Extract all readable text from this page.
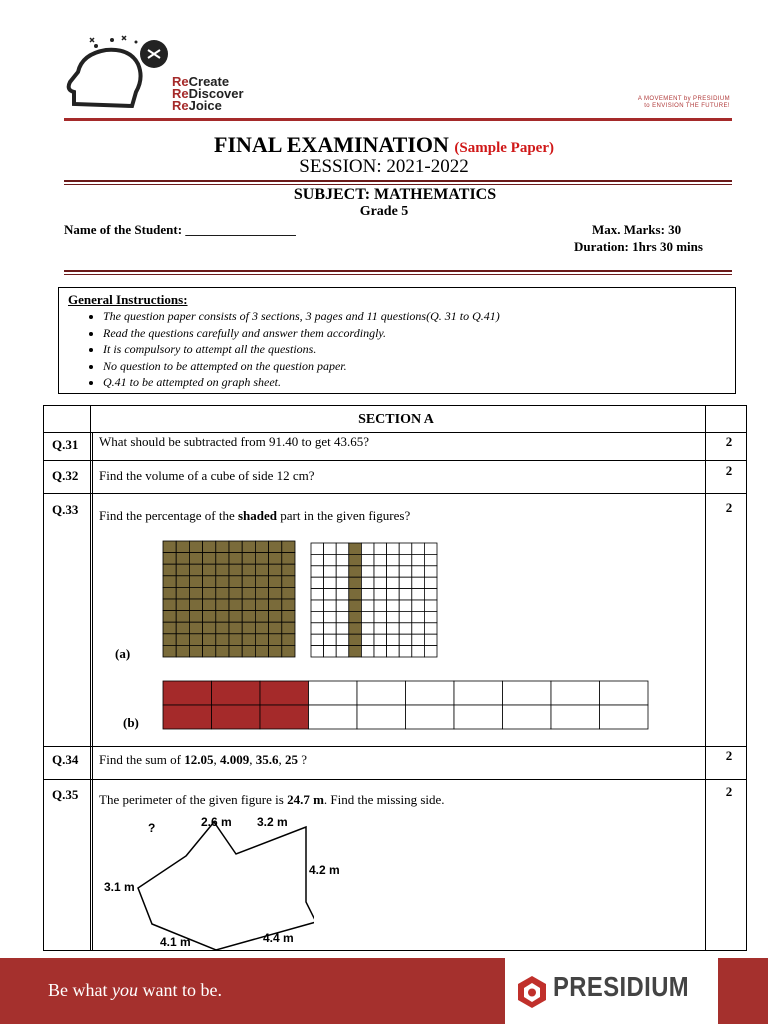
ReCreate
ReDiscover
ReJoice	A MOVEMENT by PRESIDIUM
to ENVISION THE FUTURE!
FINAL EXAMINATION (Sample Paper)
SESSION: 2021-2022
SUBJECT: MATHEMATICS
Grade 5
Name of the Student: _________________	Max. Marks: 30
Duration: 1hrs 30 mins
General Instructions:
• The question paper consists of 3 sections, 3 pages and 11 questions(Q. 31 to Q.41)
• Read the questions carefully and answer them accordingly.
• It is compulsory to attempt all the questions.
• No question to be attempted on the question paper.
• Q.41 to be attempted on graph sheet.
SECTION A
Q.31 What should be subtracted from 91.40 to get 43.65?	2
Q.32 Find the volume of a cube of side 12 cm?	2
Q.33 Find the percentage of the shaded part in the given figures?
2
(a)
(b)
Q.34 Find the sum of 12.05, 4.009, 35.6, 25 ?	2
Q.35 The perimeter of the given figure is 24.7 m. Find the missing side.
2
?	2.6 m 3.2 m
4.2 m
3.1 m
4.4 m
4.1 m
Be what you want to be.	PRESIDIUM
